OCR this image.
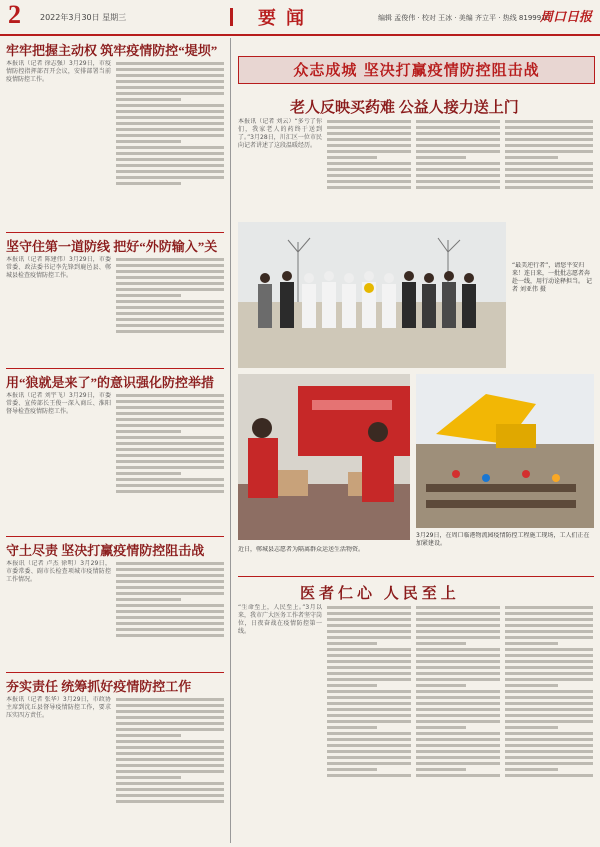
2 2022年3月30日 星期三	要闻	编辑 孟俊伟 · 校对 王冰 · 美编 齐立平 · 热线 8199916
周口日报
牢牢把握主动权 筑牢疫情防控“堤坝”
本报讯（记者 徐志强）3月29日，市疫情防控指挥部召开会议，安排部署当前疫情防控工作。
坚守住第一道防线 把好“外防输入”关
本报讯（记者 陈建伟）3月29日，市委常委、政法委书记李先锋到鹿邑县、郸城县检查疫情防控工作。
用“狼就是来了”的意识强化防控举措
本报讯（记者 刘宇飞）3月29日，市委常委、宣传部长王俊一深入商丘、淮阳督导检查疫情防控工作。
守土尽责 坚决打赢疫情防控阻击战
本报讯（记者 卢杰 徐明）3月29日，市委常委、副市长检查项城市疫情防控工作情况。
夯实责任 统筹抓好疫情防控工作
本报讯（记者 张华）3月29日，市政协主席到沈丘县督导疫情防控工作，要求压实四方责任。
众志成城 坚决打赢疫情防控阻击战
老人反映买药难 公益人接力送上门
本报讯（记者 刘云）“多亏了你们，我家老人的药终于送到了。”3月28日，川汇区一位市民向记者讲述了这段温暖经历。
“最美逆行者”，请您平安归来！连日来，一批批志愿者奔赴一线，用行动诠释担当。 记者 刘亚伟 摄
近日，郸城县志愿者为隔离群众运送生活物资。
3月29日，在周口临港物流园疫情防控工程施工现场，工人们正在加紧建设。
医者仁心 人民至上
“生命至上，人民至上。”3月以来，我市广大医务工作者坚守岗位，日夜奋战在疫情防控第一线。
